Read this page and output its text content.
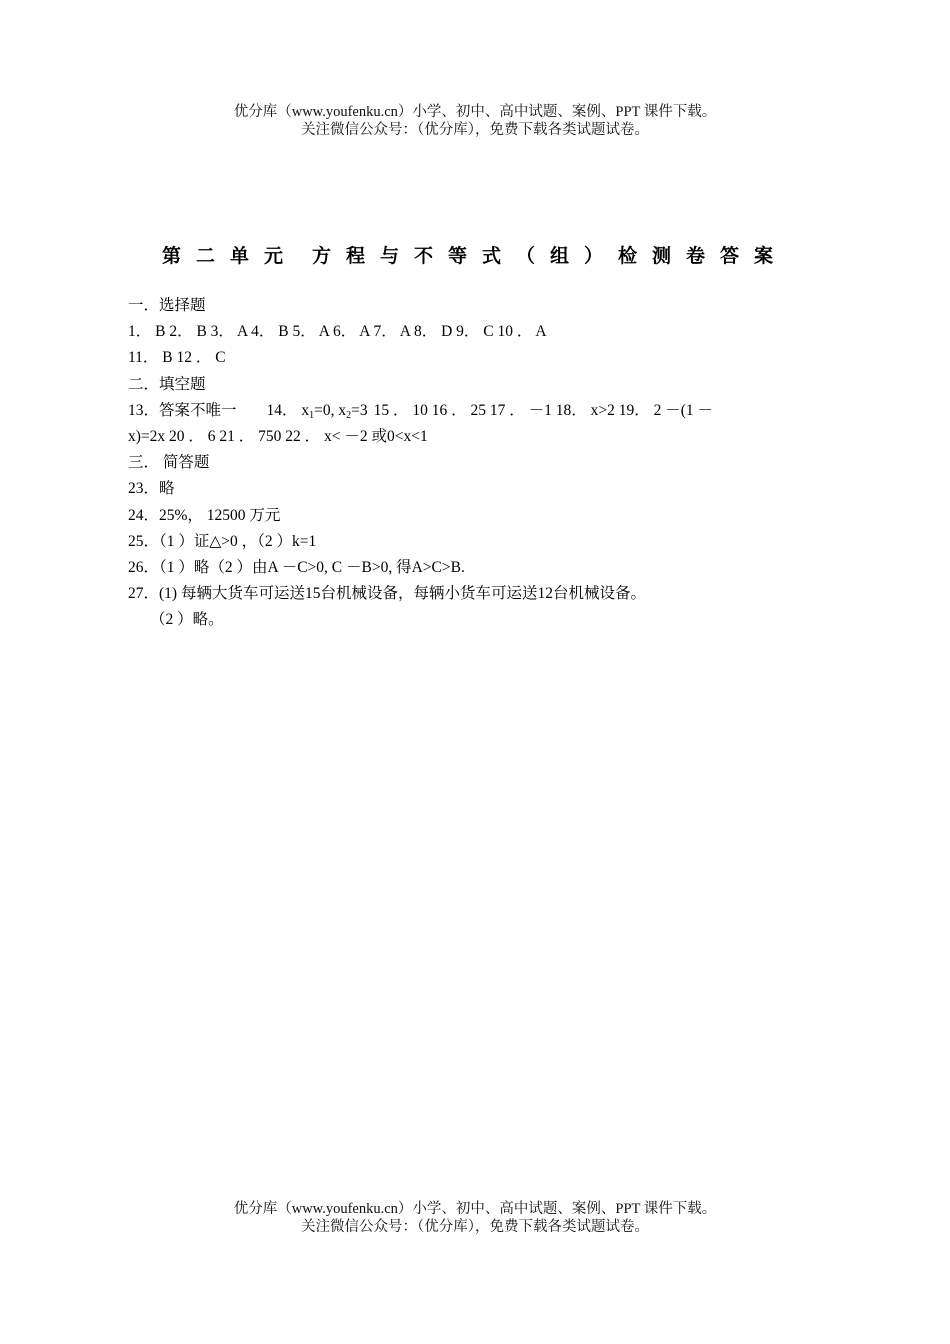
优分库（www.youfenku.cn）小学、初中、高中试题、案例、PPT 课件下载。
关注微信公众号：（优分库），免费下载各类试题试卷。
第二单元 方程与不等式（组）检测卷答案
一．选择题
1． B 2． B 3． A 4． B 5． A 6． A 7． A 8． D 9． C 10 ． A
11． B 12 ． C
二．填空题
13．答案不唯一 14． $x_1=0$, $x_2=3$ 15 ． 10 16 ． 25 17 ． －1 18． x>2 19． 2 －(1 －
x)=2x 20 ． 6 21 ． 750 22 ． x< －2 或0<x<1
三． 简答题
23．略
24．25%， 12500 万元
25．（1 ）证△>0 ，（2 ）k=1
26．（1 ）略（2 ）由A －C>0, C －B>0, 得A>C>B.
27．(1) 每辆大货车可运送15台机械设备，每辆小货车可运送12台机械设备。
（2 ）略。
优分库（www.youfenku.cn）小学、初中、高中试题、案例、PPT 课件下载。
关注微信公众号：（优分库），免费下载各类试题试卷。
